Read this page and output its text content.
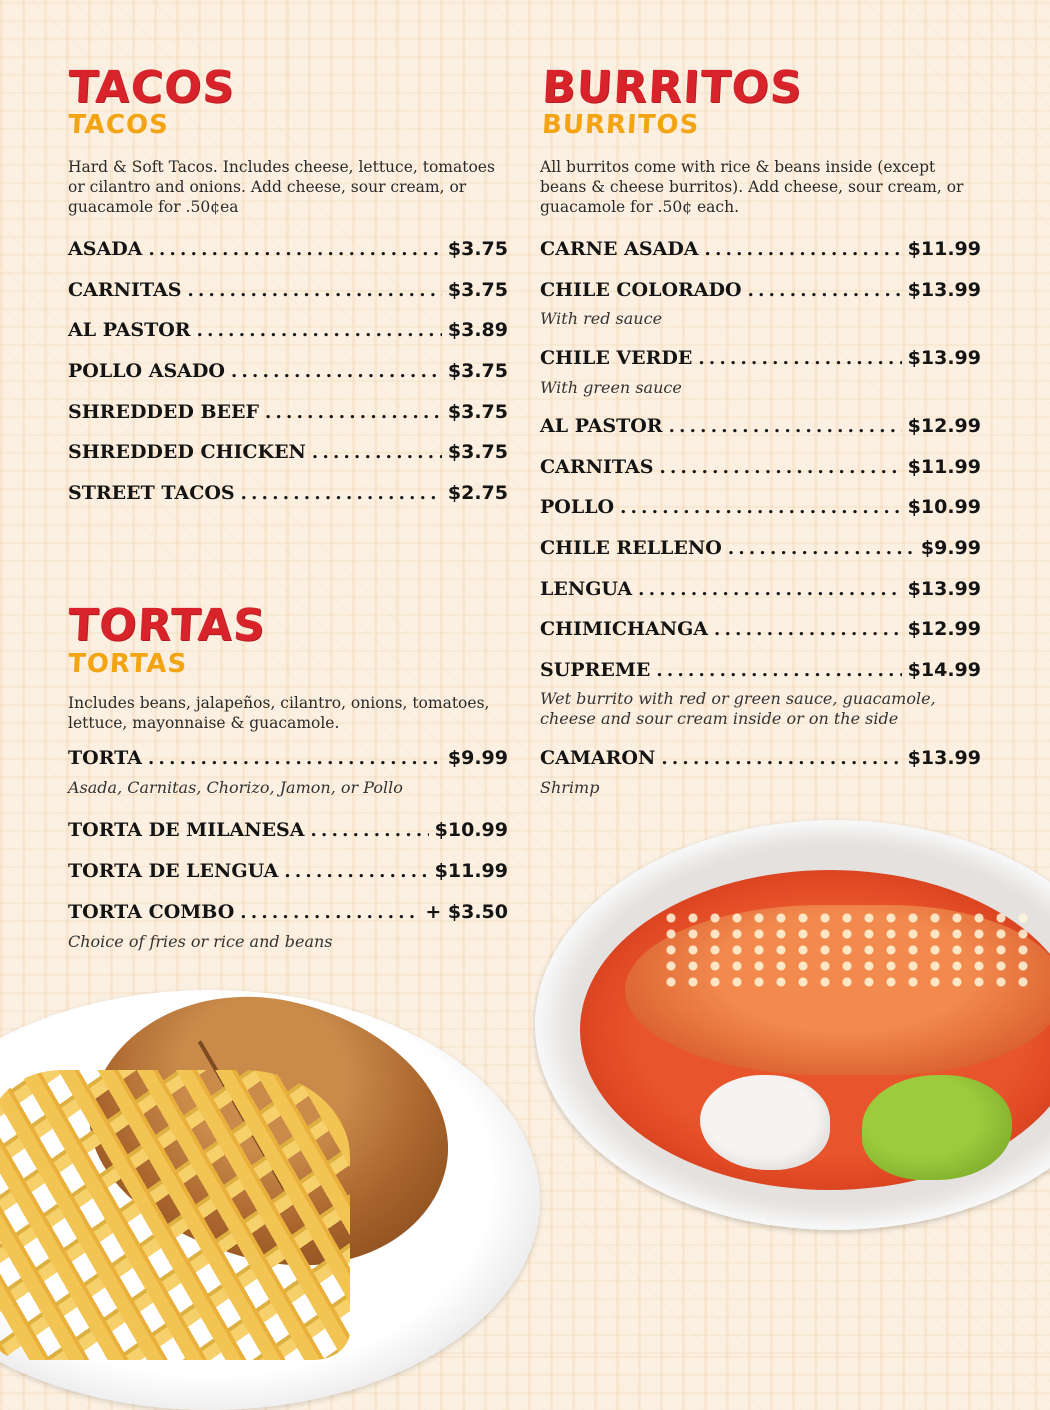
TACOS
TACOS

Hard & Soft Tacos. Includes cheese, lettuce, tomatoes or cilantro and onions. Add cheese, sour cream, or guacamole for .50¢ea

ASADA . . .	$3.75
CARNITAS . . .	$3.75
AL PASTOR . . .	$3.89
POLLO ASADO . . .	$3.75
SHREDDED BEEF . . .	$3.75
SHREDDED CHICKEN . . .	$3.75
STREET TACOS . . .	$2.75
TORTAS
TORTAS

Includes beans, jalapeños, cilantro, onions, tomatoes, lettuce, mayonnaise & guacamole.

TORTA . . .	$9.99
Asada, Carnitas, Chorizo, Jamon, or Pollo
TORTA DE MILANESA . . .	$10.99
TORTA DE LENGUA . . .	$11.99
TORTA COMBO . . .	+ $3.50
Choice of fries or rice and beans
BURRITOS
BURRITOS

All burritos come with rice & beans inside (except beans & cheese burritos). Add cheese, sour cream, or guacamole for .50¢ each.

CARNE ASADA . . .	$11.99
CHILE COLORADO . . .	$13.99
With red sauce
CHILE VERDE . . .	$13.99
With green sauce
AL PASTOR . . .	$12.99
CARNITAS . . .	$11.99
POLLO . . .	$10.99
CHILE RELLENO . . .	$9.99
LENGUA . . .	$13.99
CHIMICHANGA . . .	$12.99
SUPREME . . .	$14.99
Wet burrito with red or green sauce, guacamole,
cheese and sour cream inside or on the side
CAMARON . . .	$13.99
Shrimp
